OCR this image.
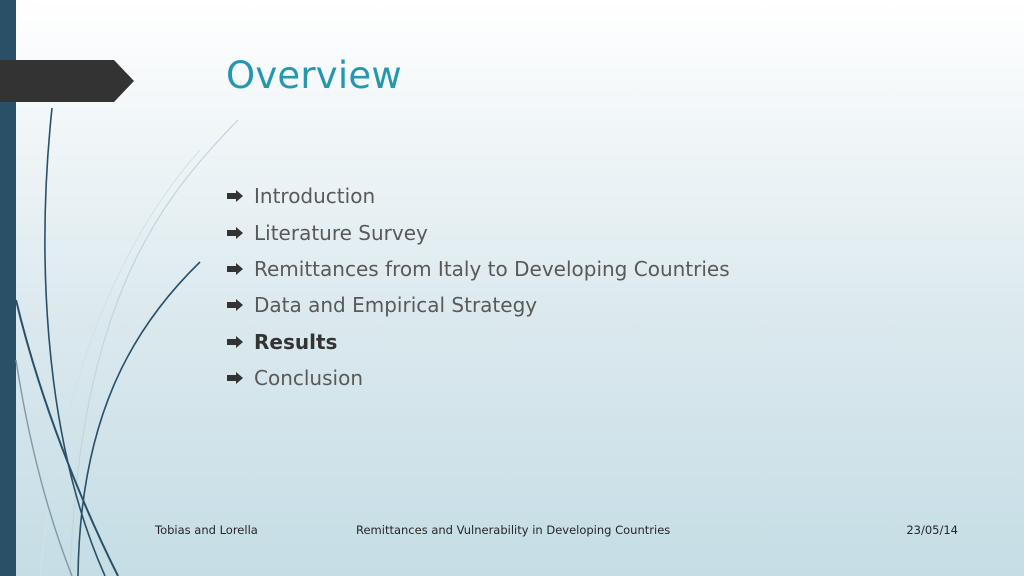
Overview
Introduction
Literature Survey
Remittances from Italy to Developing Countries
Data and Empirical Strategy
Results
Conclusion
Tobias and Lorella	Remittances and Vulnerability in Developing Countries	23/05/14
